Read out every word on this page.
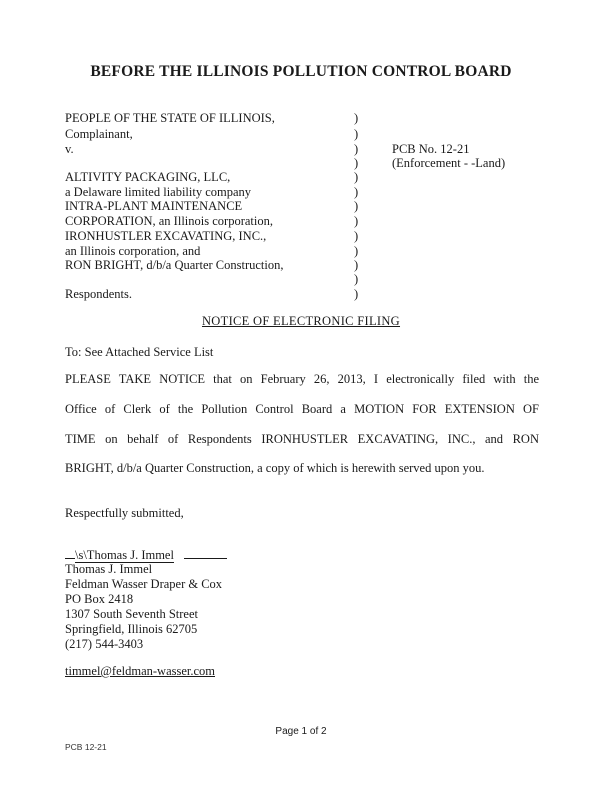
BEFORE THE ILLINOIS POLLUTION CONTROL BOARD
PEOPLE OF THE STATE OF ILLINOIS,
Complainant,
v.
ALTIVITY PACKAGING, LLC,
a Delaware limited liability company
INTRA-PLANT MAINTENANCE
CORPORATION, an Illinois corporation,
IRONHUSTLER EXCAVATING, INC.,
an Illinois corporation, and
RON BRIGHT, d/b/a Quarter Construction,
Respondents.
)
)
)
)
)
)
)
)
)
)
)
)
)
PCB No. 12-21
(Enforcement - -Land)
NOTICE OF ELECTRONIC FILING
To: See Attached Service List
PLEASE TAKE NOTICE that on February 26, 2013, I electronically filed with the
Office of Clerk of the Pollution Control Board a MOTION FOR EXTENSION OF
TIME on behalf of Respondents IRONHUSTLER EXCAVATING, INC., and RON
BRIGHT, d/b/a Quarter Construction, a copy of which is herewith served upon you.
Respectfully submitted,
\s\Thomas J. Immel
Thomas J. Immel
Feldman Wasser Draper & Cox
PO Box 2418
1307 South Seventh Street
Springfield, Illinois 62705
(217) 544-3403
timmel@feldman-wasser.com
Page 1 of 2
PCB 12-21
